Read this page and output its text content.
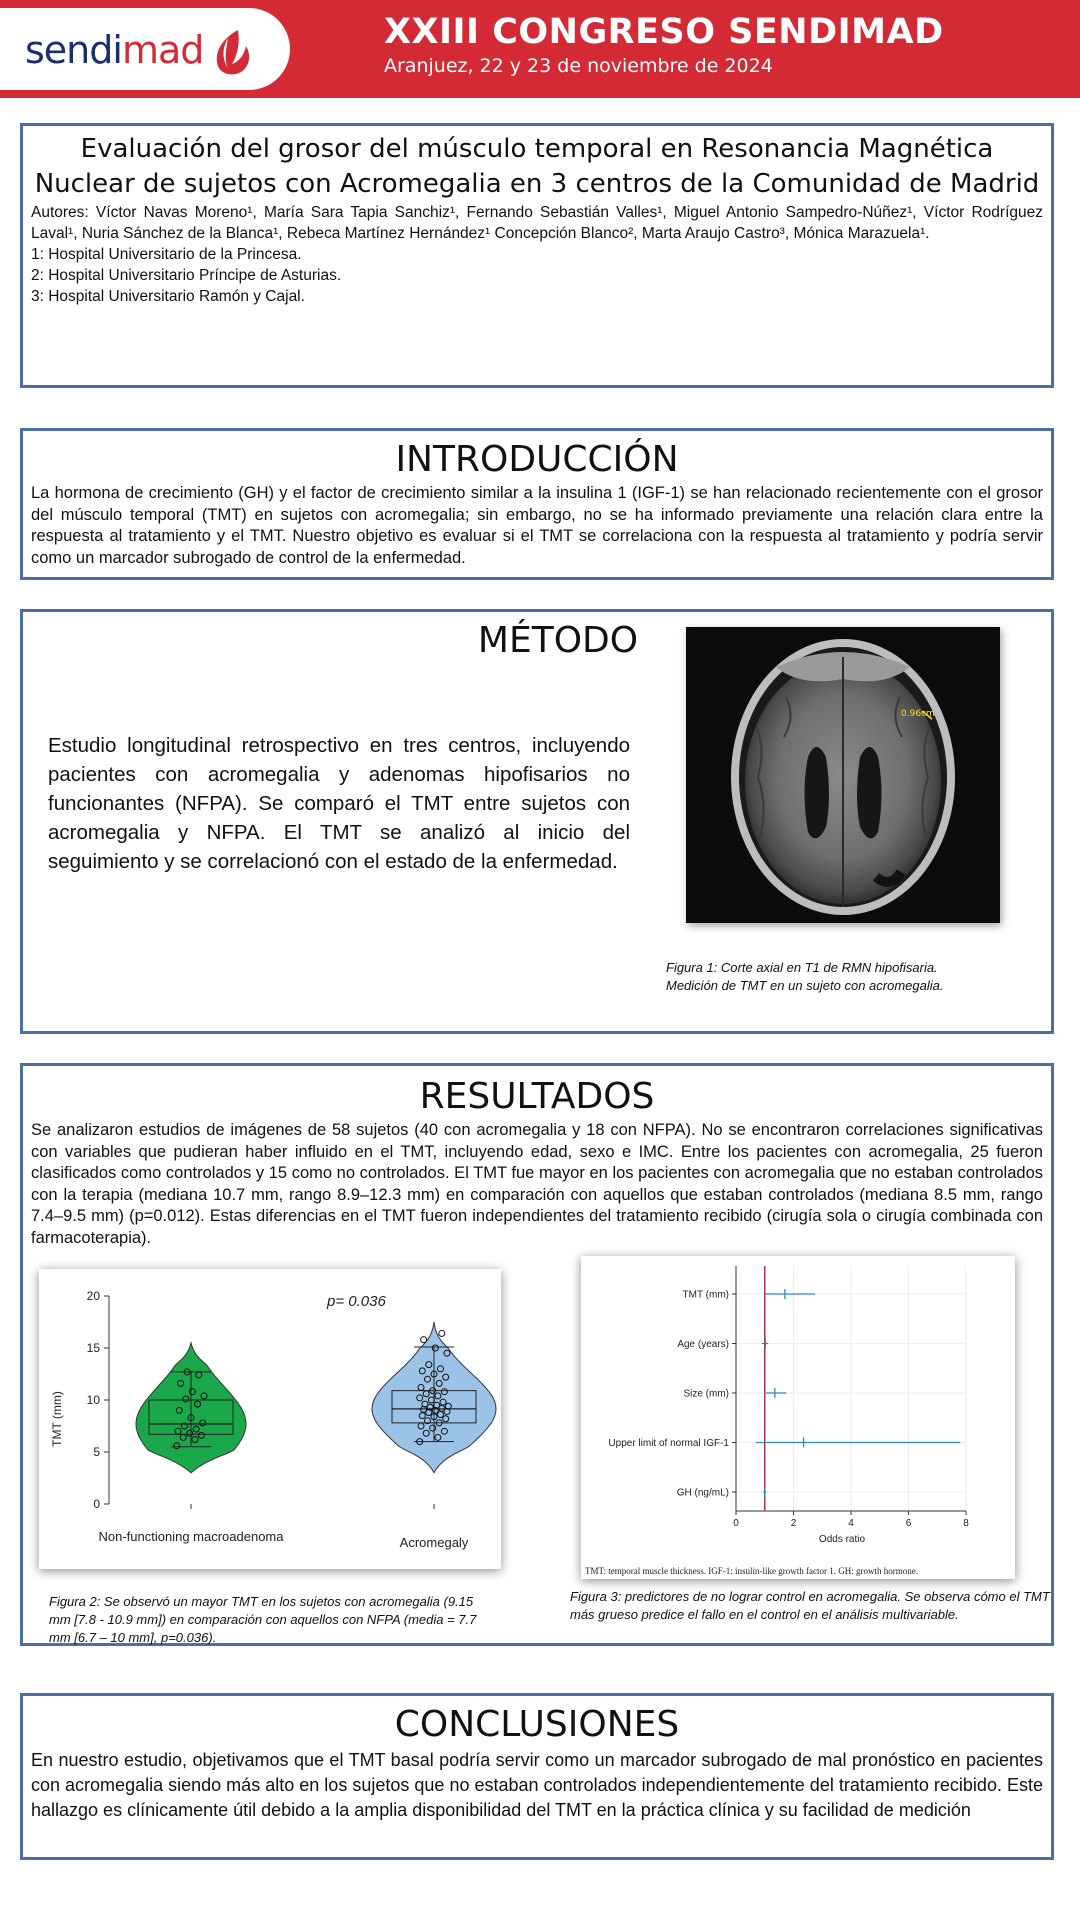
sendimad	XXIII CONGRESO SENDIMAD
Aranjuez, 22 y 23 de noviembre de 2024
Evaluación del grosor del músculo temporal en Resonancia Magnética
Nuclear de sujetos con Acromegalia en 3 centros de la Comunidad de Madrid
Autores: Víctor Navas Moreno¹, María Sara Tapia Sanchiz¹, Fernando Sebastián Valles¹, Miguel Antonio Sampedro-Núñez¹, Víctor Rodríguez Laval¹, Nuria Sánchez de la Blanca¹, Rebeca Martínez Hernández¹ Concepción Blanco², Marta Araujo Castro³, Mónica Marazuela¹.
1: Hospital Universitario de la Princesa.
2: Hospital Universitario Príncipe de Asturias.
3: Hospital Universitario Ramón y Cajal.
INTRODUCCIÓN
La hormona de crecimiento (GH) y el factor de crecimiento similar a la insulina 1 (IGF-1) se han relacionado recientemente con el grosor del músculo temporal (TMT) en sujetos con acromegalia; sin embargo, no se ha informado previamente una relación clara entre la respuesta al tratamiento y el TMT. Nuestro objetivo es evaluar si el TMT se correlaciona con la respuesta al tratamiento y podría servir como un marcador subrogado de control de la enfermedad.
MÉTODO
Estudio longitudinal retrospectivo en tres centros, incluyendo pacientes con acromegalia y adenomas hipofisarios no funcionantes (NFPA). Se comparó el TMT entre sujetos con acromegalia y NFPA. El TMT se analizó al inicio del seguimiento y se correlacionó con el estado de la enfermedad.
0.96cm
Figura 1: Corte axial en T1 de RMN hipofisaria.
Medición de TMT en un sujeto con acromegalia.
RESULTADOS
Se analizaron estudios de imágenes de 58 sujetos (40 con acromegalia y 18 con NFPA). No se encontraron correlaciones significativas con variables que pudieran haber influido en el TMT, incluyendo edad, sexo e IMC. Entre los pacientes con acromegalia, 25 fueron clasificados como controlados y 15 como no controlados. El TMT fue mayor en los pacientes con acromegalia que no estaban controlados con la terapia (mediana 10.7 mm, rango 8.9–12.3 mm) en comparación con aquellos que estaban controlados (mediana 8.5 mm, rango 7.4–9.5 mm) (p=0.012). Estas diferencias en el TMT fueron independientes del tratamiento recibido (cirugía sola o cirugía combinada con farmacoterapia).
0
5
10
15
20	p= 0.036
TMT (mm)
Non-functioning macroadenoma	Acromegaly
Figura 2: Se observó un mayor TMT en los sujetos con acromegalia (9.15 mm [7.8 - 10.9 mm]) en comparación con aquellos con NFPA (media = 7.7 mm [6.7 – 10 mm], p=0.036).
0	2	4	6	8
TMT (mm)
Age (years)
Size (mm)
Upper limit of normal IGF-1
GH (ng/mL)
Odds ratio
TMT: temporal muscle thickness. IGF-1: insulin-like growth factor 1. GH: growth hormone.
Figura 3: predictores de no lograr control en acromegalia. Se observa cómo el TMT más grueso predice el fallo en el control en el análisis multivariable.
CONCLUSIONES
En nuestro estudio, objetivamos que el TMT basal podría servir como un marcador subrogado de mal pronóstico en pacientes con acromegalia siendo más alto en los sujetos que no estaban controlados independientemente del tratamiento recibido. Este hallazgo es clínicamente útil debido a la amplia disponibilidad del TMT en la práctica clínica y su facilidad de medición
